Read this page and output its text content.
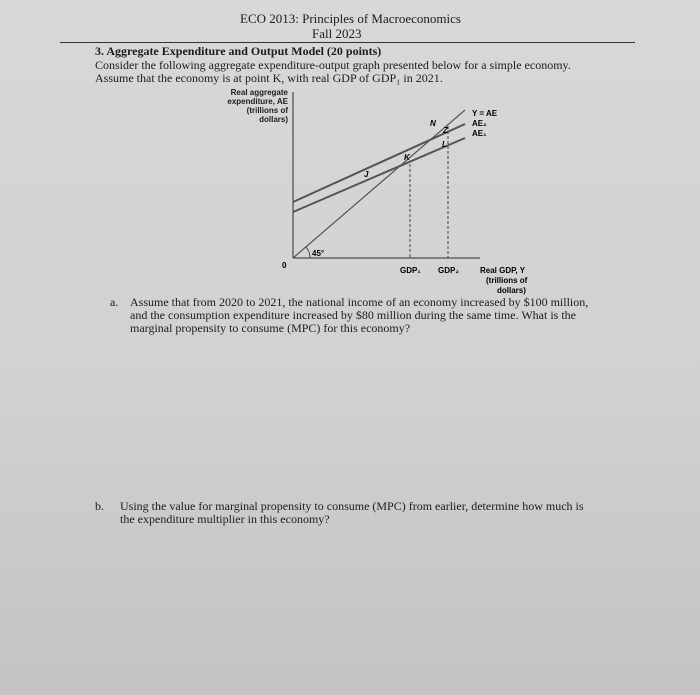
ECO 2013: Principles of Macroeconomics
Fall 2023
3. Aggregate Expenditure and Output Model (20 points)
Consider the following aggregate expenditure-output graph presented below for a simple economy.
Assume that the economy is at point K, with real GDP of GDP₁ in 2021.
Real aggregate
expenditure, AE
(trillions of
dollars)
J
K
N
L
Z
Y = AE
AE₂
AE₁
0
45°
GDP₁ GDP₂	Real GDP, Y
(trillions of
dollars)
a. Assume that from 2020 to 2021, the national income of an economy increased by $100 million,
and the consumption expenditure increased by $80 million during the same time. What is the
marginal propensity to consume (MPC) for this economy?
b. Using the value for marginal propensity to consume (MPC) from earlier, determine how much is
the expenditure multiplier in this economy?
